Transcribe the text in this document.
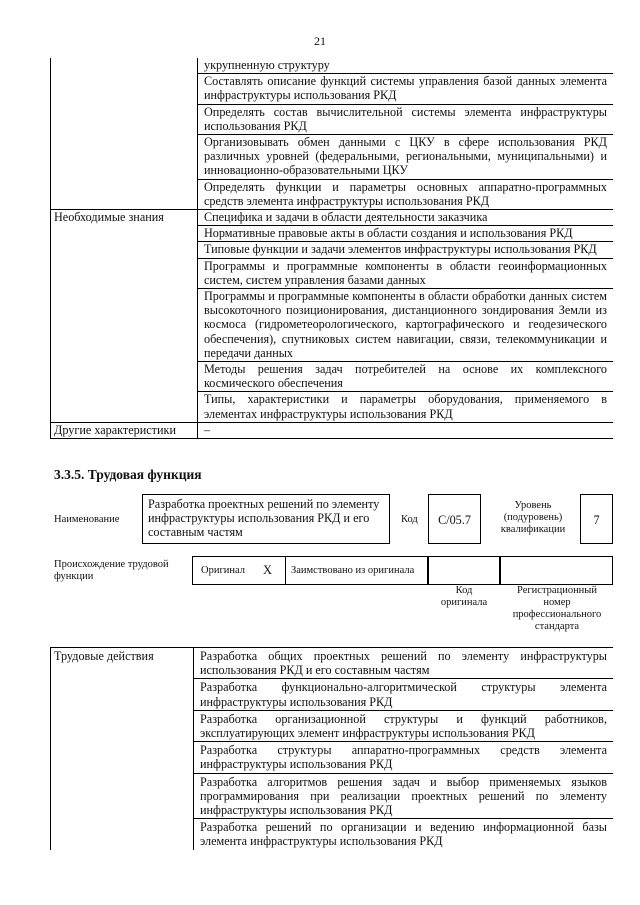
21
	укрупненную структуру
	Составлять описание функций системы управления базой данных элемента инфраструктуры использования РКД
	Определять состав вычислительной системы элемента инфраструктуры использования РКД
	Организовывать обмен данными с ЦКУ в сфере использования РКД различных уровней (федеральными, региональными, муниципальными) и инновационно-образовательными ЦКУ
	Определять функции и параметры основных аппаратно-программных средств элемента инфраструктуры использования РКД
Необходимые знания	Специфика и задачи в области деятельности заказчика
	Нормативные правовые акты в области создания и использования РКД
	Типовые функции и задачи элементов инфраструктуры использования РКД
	Программы и программные компоненты в области геоинформационных систем, систем управления базами данных
	Программы и программные компоненты в области обработки данных систем высокоточного позиционирования, дистанционного зондирования Земли из космоса (гидрометеорологического, картографического и геодезического обеспечения), спутниковых систем навигации, связи, телекоммуникации и передачи данных
	Методы решения задач потребителей на основе их комплексного космического обеспечения
	Типы, характеристики и параметры оборудования, применяемого в элементах инфраструктуры использования РКД
Другие характеристики	–
3.3.5. Трудовая функция
Наименование
Разработка проектных решений по элементу инфраструктуры использования РКД и его составным частям
Код	C/05.7
Уровень (подуровень) квалификации
7
Происхождение трудовой функции
Оригинал X Заимствовано из оригинала
Код оригинала
Регистрационный номер профессионального стандарта
Трудовые действия	Разработка общих проектных решений по элементу инфраструктуры использования РКД и его составным частям
Разработка функционально-алгоритмической структуры элемента инфраструктуры использования РКД
Разработка организационной структуры и функций работников, эксплуатирующих элемент инфраструктуры использования РКД
Разработка структуры аппаратно-программных средств элемента инфраструктуры использования РКД
Разработка алгоритмов решения задач и выбор применяемых языков программирования при реализации проектных решений по элементу инфраструктуры использования РКД
Разработка решений по организации и ведению информационной базы элемента инфраструктуры использования РКД
